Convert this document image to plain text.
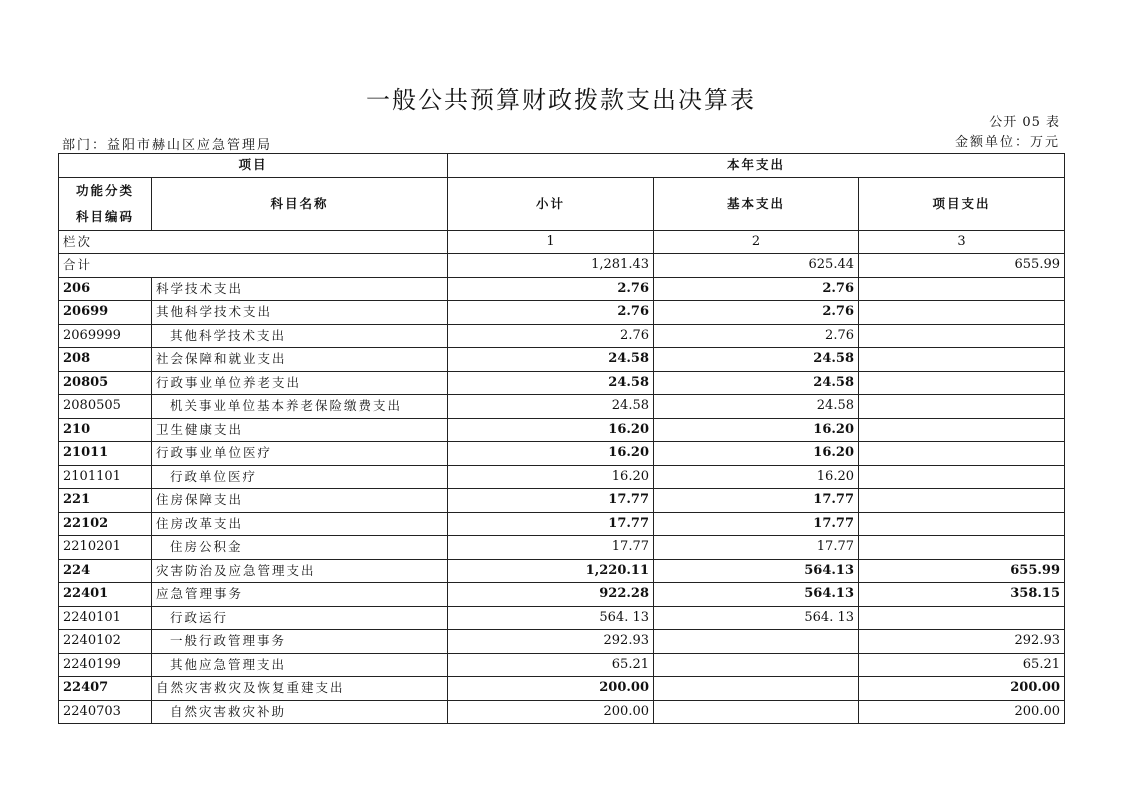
一般公共预算财政拨款支出决算表
公开 05 表
部门：益阳市赫山区应急管理局	金额单位：万元
项目		本年支出		

功能分类
科目编码	科目名称	小计	基本支出	项目支出
栏次		1	2	3
合计		1,281.43	625.44	655.99
206	科学技术支出	2.76	2.76	
20699	其他科学技术支出	2.76	2.76	
2069999	其他科学技术支出	2.76	2.76	
208	社会保障和就业支出	24.58	24.58	
20805	行政事业单位养老支出	24.58	24.58	
2080505	机关事业单位基本养老保险缴费支出	24.58	24.58	
210	卫生健康支出	16.20	16.20	
21011	行政事业单位医疗	16.20	16.20	
2101101	行政单位医疗	16.20	16.20	
221	住房保障支出	17.77	17.77	
22102	住房改革支出	17.77	17.77	
2210201	住房公积金	17.77	17.77	
224	灾害防治及应急管理支出	1,220.11	564.13	655.99
22401	应急管理事务	922.28	564.13	358.15
2240101	行政运行	564. 13	564. 13	
2240102	一般行政管理事务	292.93		292.93
2240199	其他应急管理支出	65.21		65.21
22407	自然灾害救灾及恢复重建支出	200.00		200.00
2240703	自然灾害救灾补助	200.00		200.00
